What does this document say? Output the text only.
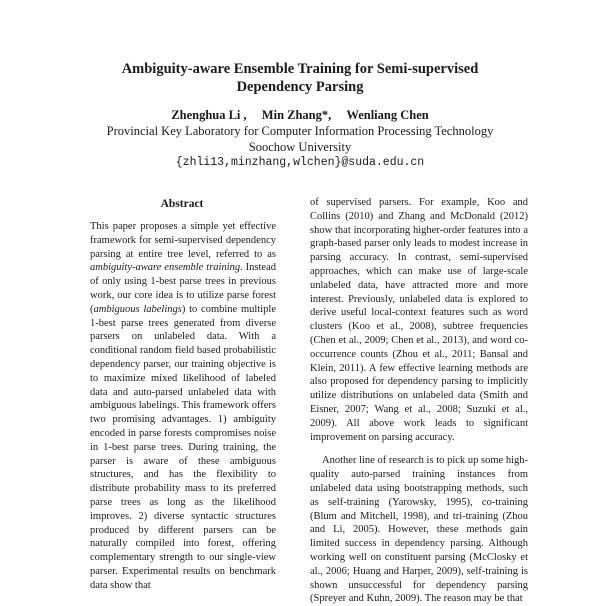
Ambiguity-aware Ensemble Training for Semi-supervised
Dependency Parsing
Zhenghua Li , Min Zhang*, Wenliang Chen
Provincial Key Laboratory for Computer Information Processing Technology
Soochow University
{zhli13,minzhang,wlchen}@suda.edu.cn
Abstract
This paper proposes a simple yet effective framework for semi-supervised dependency parsing at entire tree level, referred to as ambiguity-aware ensemble training. Instead of only using 1-best parse trees in previous work, our core idea is to utilize parse forest (ambiguous labelings) to combine multiple 1-best parse trees generated from diverse parsers on unlabeled data. With a conditional random field based probabilistic dependency parser, our training objective is to maximize mixed likelihood of labeled data and auto-parsed unlabeled data with ambiguous labelings. This framework offers two promising advantages. 1) ambiguity encoded in parse forests compromises noise in 1-best parse trees. During training, the parser is aware of these ambiguous structures, and has the flexibility to distribute probability mass to its preferred parse trees as long as the likelihood improves. 2) diverse syntactic structures produced by different parsers can be naturally compiled into forest, offering complementary strength to our single-view parser. Experimental results on benchmark data show that

of supervised parsers. For example, Koo and Collins (2010) and Zhang and McDonald (2012) show that incorporating higher-order features into a graph-based parser only leads to modest increase in parsing accuracy. In contrast, semi-supervised approaches, which can make use of large-scale unlabeled data, have attracted more and more interest. Previously, unlabeled data is explored to derive useful local-context features such as word clusters (Koo et al., 2008), subtree frequencies (Chen et al., 2009; Chen et al., 2013), and word co-occurrence counts (Zhou et al., 2011; Bansal and Klein, 2011). A few effective learning methods are also proposed for dependency parsing to implicitly utilize distributions on unlabeled data (Smith and Eisner, 2007; Wang et al., 2008; Suzuki et al., 2009). All above work leads to significant improvement on parsing accuracy.

Another line of research is to pick up some high-quality auto-parsed training instances from unlabeled data using bootstrapping methods, such as self-training (Yarowsky, 1995), co-training (Blum and Mitchell, 1998), and tri-training (Zhou and Li, 2005). However, these methods gain limited success in dependency parsing. Although working well on constituent parsing (McClosky et al., 2006; Huang and Harper, 2009), self-training is shown unsuccessful for dependency parsing (Spreyer and Kuhn, 2009). The reason may be that
